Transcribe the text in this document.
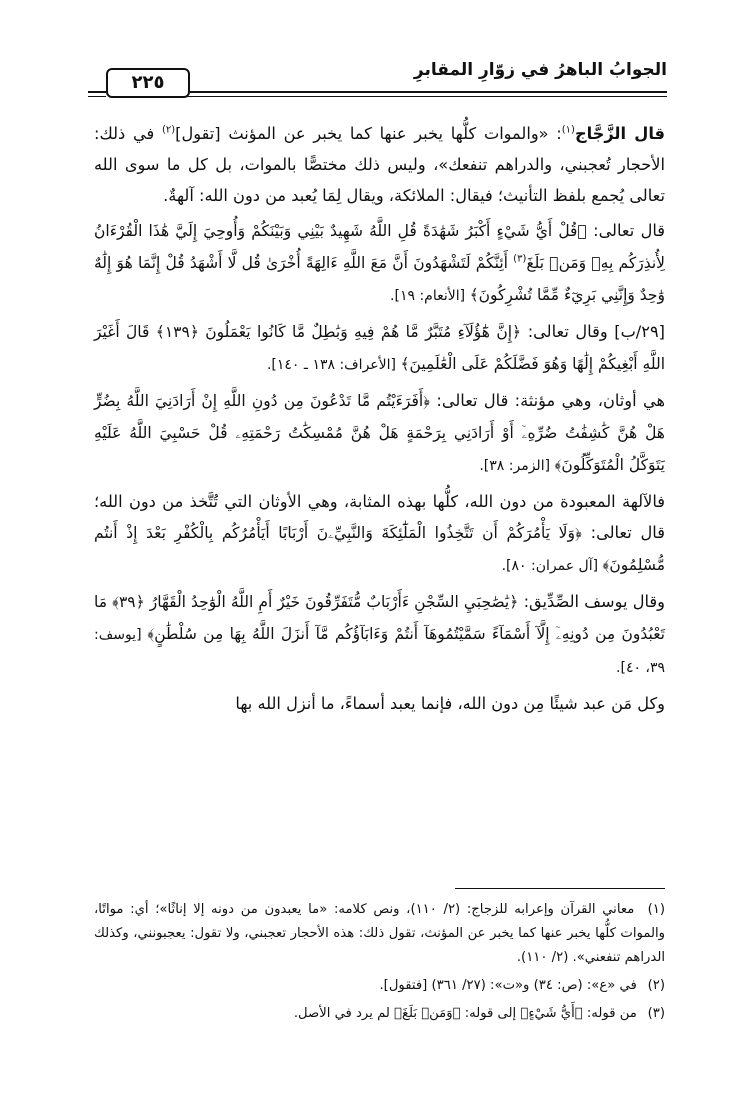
الجوابُ الباهرُ في زوّارِ المقابرِ
٢٢٥

قال الزَّجَّاج$^{(١)}$: «والموات كلُّها يخبر عنها كما يخبر عن المؤنث [تقول]$^{(٢)}$ في ذلك: الأحجار تُعجبني، والدراهم تنفعك»، وليس ذلك مختصًّا بالموات، بل كل ما سوى الله تعالى يُجمع بلفظ التأنيث؛ فيقال: الملائكة، ويقال لِمَا يُعبد من دون الله: آلهةٌ.

قال تعالى: ﴿قُلْ أَيُّ شَيْءٍ أَكْبَرُ شَهَٰدَةً قُلِ اللَّهُ شَهِيدٌ بَيْنِي وَبَيْنَكُمْ وَأُوحِيَ إِلَيَّ هَٰذَا الْقُرْءَانُ لِأُنذِرَكُم بِهِۦ وَمَنۢ بَلَغَ$^{(٣)}$ أَئِنَّكُمْ لَتَشْهَدُونَ أَنَّ مَعَ اللَّهِ ءَالِهَةً أُخْرَىٰ قُل لَّا أَشْهَدُ قُلْ إِنَّمَا هُوَ إِلَٰهٌ وَٰحِدٌ وَإِنَّنِي بَرِيٓءٌ مِّمَّا تُشْرِكُونَ﴾ [الأنعام: ١٩].

[٢٩/ب] وقال تعالى: ﴿إِنَّ هَٰٓؤُلَآءِ مُتَبَّرٌ مَّا هُمْ فِيهِ وَبَٰطِلٌ مَّا كَانُوا يَعْمَلُونَ ﴿١٣٩﴾ قَالَ أَغَيْرَ اللَّهِ أَبْغِيكُمْ إِلَٰهًا وَهُوَ فَضَّلَكُمْ عَلَى الْعَٰلَمِينَ﴾ [الأعراف: ١٣٨ ـ ١٤٠].

هي أوثان، وهي مؤنثة: قال تعالى: ﴿أَفَرَءَيْتُم مَّا تَدْعُونَ مِن دُونِ اللَّهِ إِنْ أَرَادَنِيَ اللَّهُ بِضُرٍّ هَلْ هُنَّ كَٰشِفَٰتُ ضُرِّهِۦٓ أَوْ أَرَادَنِي بِرَحْمَةٍ هَلْ هُنَّ مُمْسِكَٰتُ رَحْمَتِهِۦ قُلْ حَسْبِيَ اللَّهُ عَلَيْهِ يَتَوَكَّلُ الْمُتَوَكِّلُونَ﴾ [الزمر: ٣٨].

فالآلهة المعبودة من دون الله، كلُّها بهذه المثابة، وهي الأوثان التي تُتَّخذ من دون الله؛ قال تعالى: ﴿وَلَا يَأْمُرَكُمْ أَن تَتَّخِذُوا الْمَلَٰٓئِكَةَ وَالنَّبِيِّۦنَ أَرْبَابًا أَيَأْمُرُكُم بِالْكُفْرِ بَعْدَ إِذْ أَنتُم مُّسْلِمُونَ﴾ [آل عمران: ٨٠].

وقال يوسف الصِّدِّيق: ﴿يَٰصَٰحِبَيِ السِّجْنِ ءَأَرْبَابٌ مُّتَفَرِّقُونَ خَيْرٌ أَمِ اللَّهُ الْوَٰحِدُ الْقَهَّارُ ﴿٣٩﴾ مَا تَعْبُدُونَ مِن دُونِهِۦٓ إِلَّآ أَسْمَآءً سَمَّيْتُمُوهَآ أَنتُمْ وَءَابَآؤُكُم مَّآ أَنزَلَ اللَّهُ بِهَا مِن سُلْطَٰنٍ﴾ [يوسف: ٣٩، ٤٠].

وكل مَن عبد شيئًا مِن دون الله، فإنما يعبد أسماءً، ما أنزل الله بها

(١) معاني القرآن وإعرابه للزجاج: (٢/ ١١٠)، ونص كلامه: «ما يعبدون من دونه إلا إناثًا»؛ أي: مواتًا، والموات كلُّها يخبر عنها كما يخبر عن المؤنث، تقول ذلك: هذه الأحجار تعجبني، ولا تقول: يعجبونني، وكذلك الدراهم تنفعني». (٢/ ١١٠).

(٢) في «ع»: (ص: ٣٤) و«ت»: (٢٧/ ٣٦١) [فتقول].

(٣) من قوله: ﴿أَيُّ شَيْءٍ﴾ إلى قوله: ﴿وَمَنۢ بَلَغَ﴾ لم يرد في الأصل.
